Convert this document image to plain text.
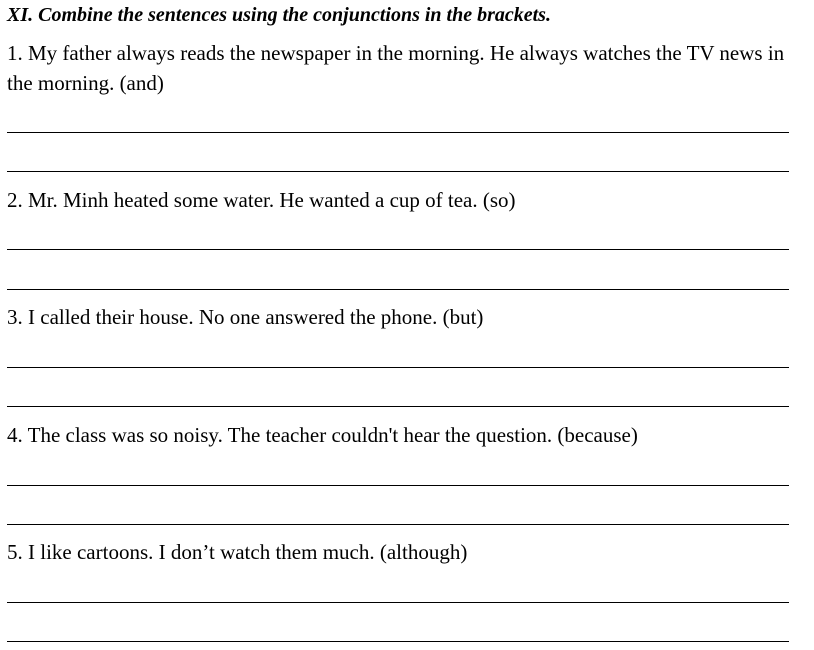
XI. Combine the sentences using the conjunctions in the brackets.
1. My father always reads the newspaper in the morning. He always watches the TV news in the morning. (and)
2. Mr. Minh heated some water. He wanted a cup of tea. (so)
3. I called their house. No one answered the phone. (but)
4. The class was so noisy. The teacher couldn't hear the question. (because)
5. I like cartoons. I don’t watch them much. (although)
